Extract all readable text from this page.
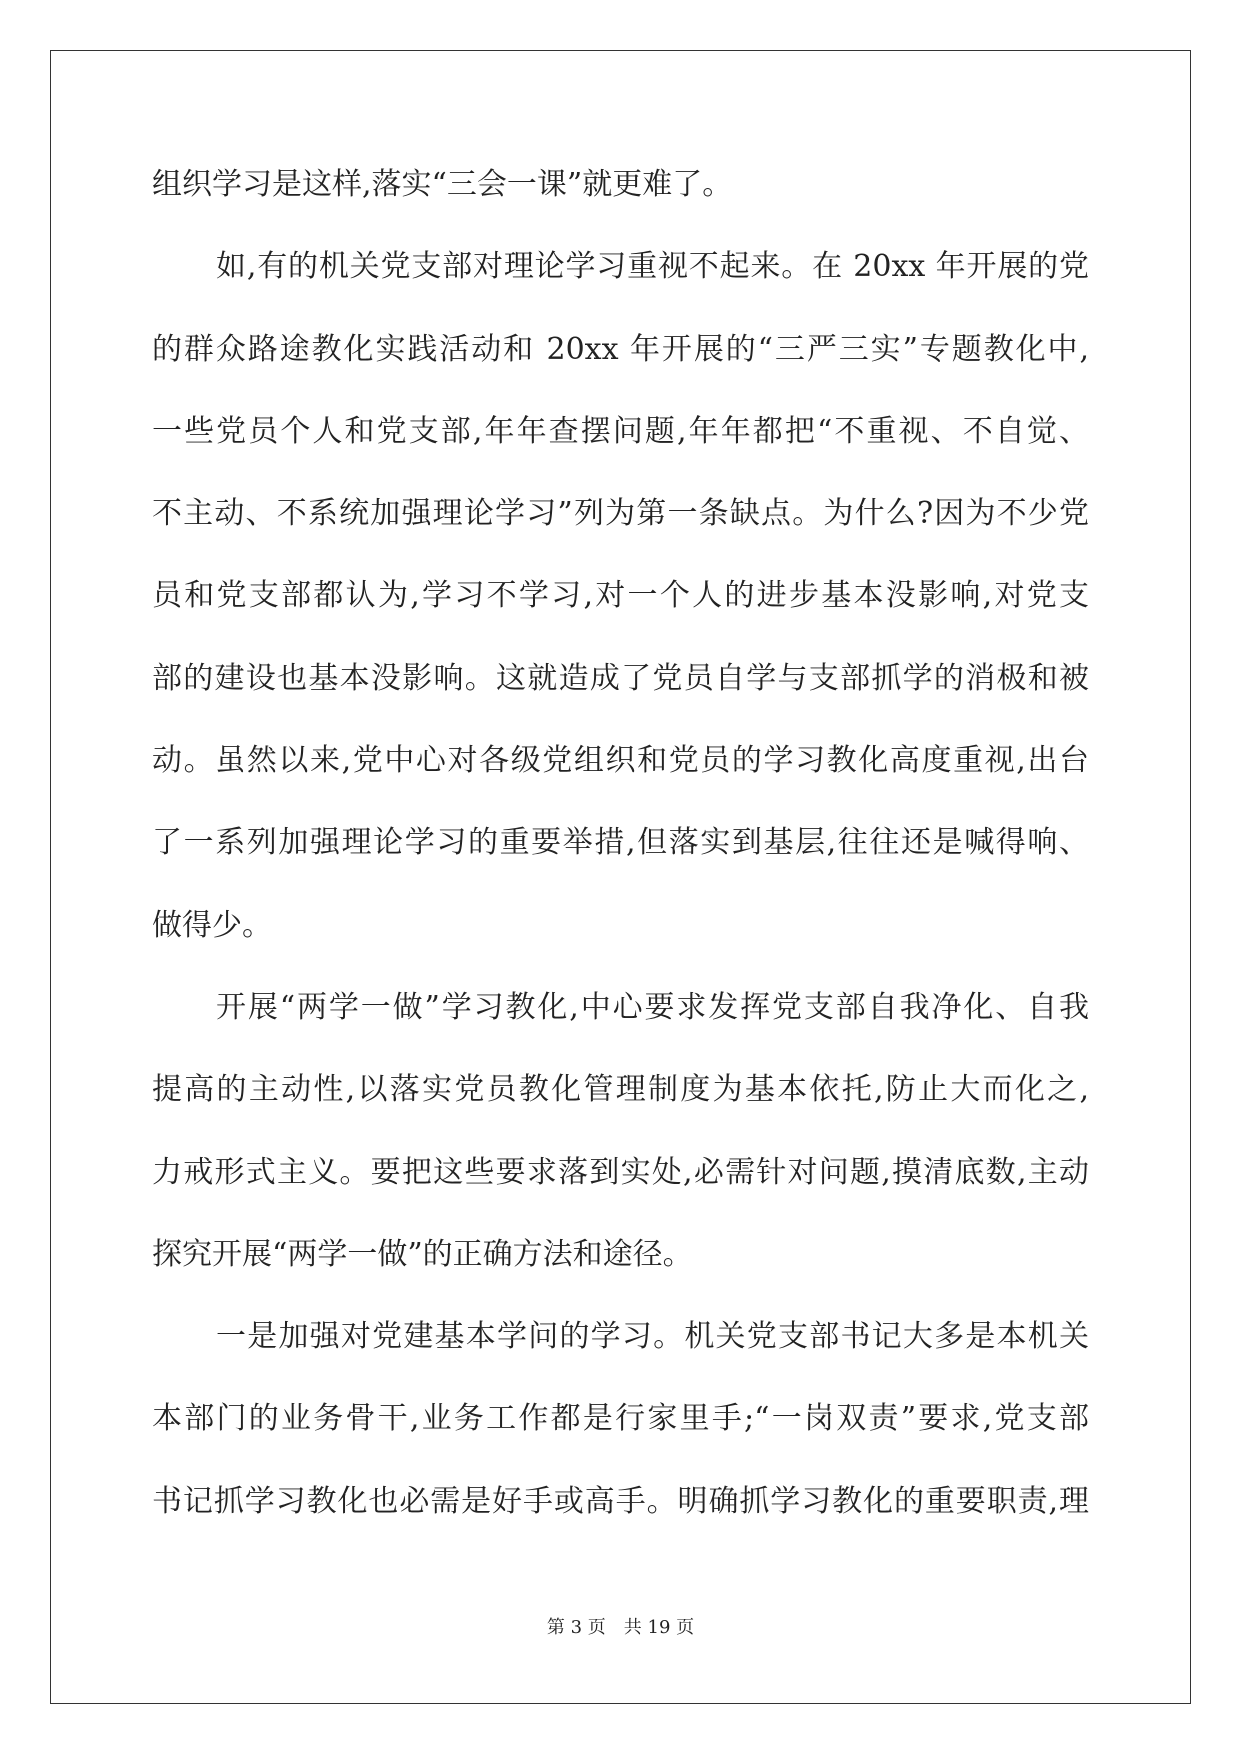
组织学习是这样,落实“三会一课”就更难了。
如,有的机关党支部对理论学习重视不起来。在 20xx 年开展的党
的群众路途教化实践活动和 20xx 年开展的“三严三实”专题教化中,
一些党员个人和党支部,年年查摆问题,年年都把“不重视、不自觉、
不主动、不系统加强理论学习”列为第一条缺点。为什么?因为不少党
员和党支部都认为,学习不学习,对一个人的进步基本没影响,对党支
部的建设也基本没影响。这就造成了党员自学与支部抓学的消极和被
动。虽然以来,党中心对各级党组织和党员的学习教化高度重视,出台
了一系列加强理论学习的重要举措,但落实到基层,往往还是喊得响、
做得少。
开展“两学一做”学习教化,中心要求发挥党支部自我净化、自我
提高的主动性,以落实党员教化管理制度为基本依托,防止大而化之,
力戒形式主义。要把这些要求落到实处,必需针对问题,摸清底数,主动
探究开展“两学一做”的正确方法和途径。
一是加强对党建基本学问的学习。机关党支部书记大多是本机关
本部门的业务骨干,业务工作都是行家里手;“一岗双责”要求,党支部
书记抓学习教化也必需是好手或高手。明确抓学习教化的重要职责,理
第 3 页　共 19 页
